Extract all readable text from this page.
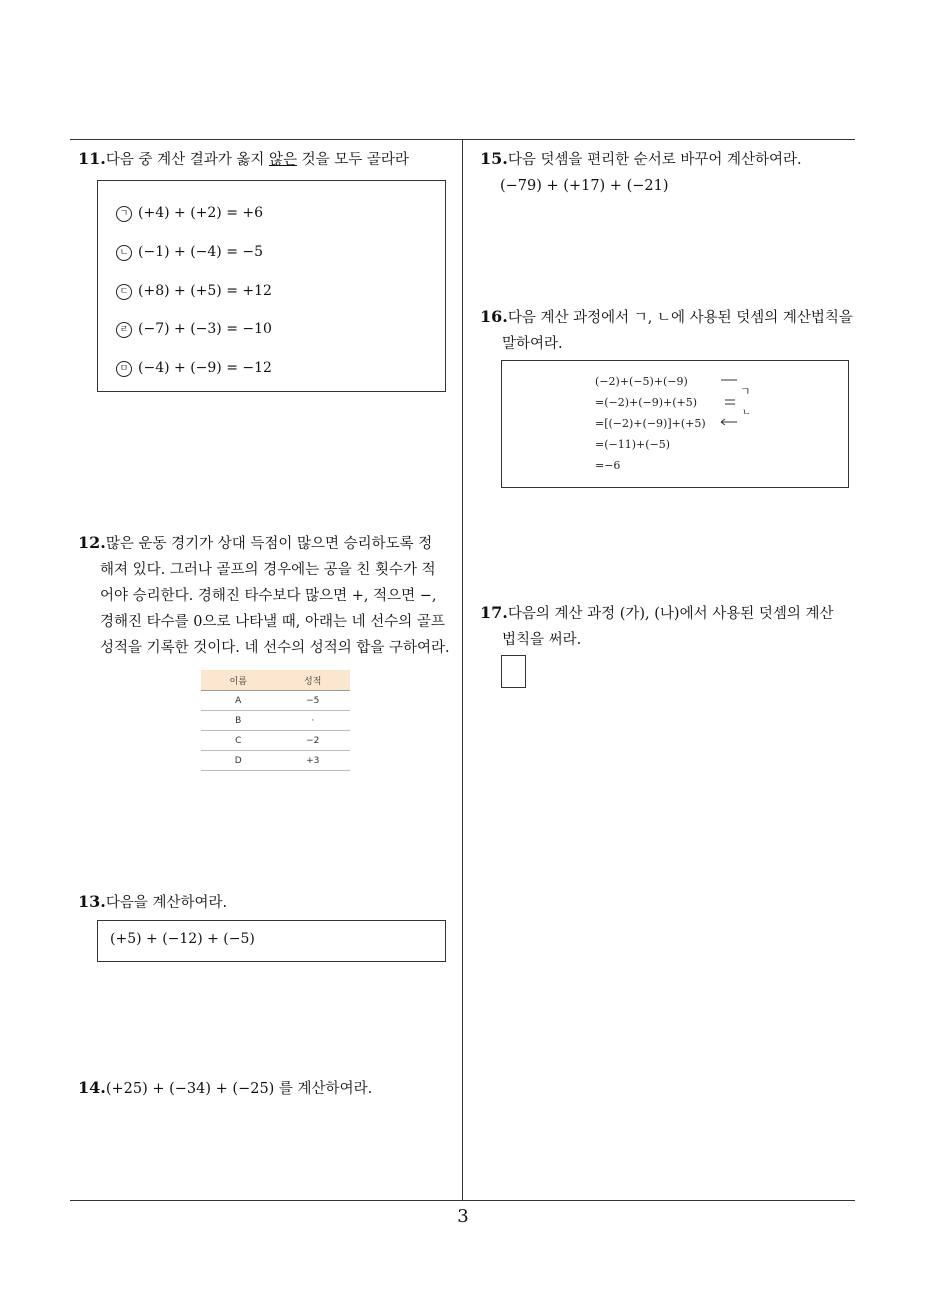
11.다음 중 계산 결과가 옳지 않은 것을 모두 골라라
ㄱ (+4) + (+2) = +6
ㄴ (−1) + (−4) = −5
ㄷ (+8) + (+5) = +12
ㄹ (−7) + (−3) = −10
ㅁ (−4) + (−9) = −12
12.많은 운동 경기가 상대 득점이 많으면 승리하도록 정
해져 있다. 그러나 골프의 경우에는 공을 친 횟수가 적
어야 승리한다. 경해진 타수보다 많으면 +, 적으면 −,
경해진 타수를 0으로 나타낼 때, 아래는 네 선수의 골프
성적을 기록한 것이다. 네 선수의 성적의 합을 구하여라.
이름	성적
A	−5
B	·
C	−2
D	+3
13.다음을 계산하여라.
(+5) + (−12) + (−5)
14.(+25) + (−34) + (−25) 를 계산하여라.
15.다음 덧셈을 편리한 순서로 바꾸어 계산하여라.
(−79) + (+17) + (−21)
16.다음 계산 과정에서 ㄱ, ㄴ에 사용된 덧셈의 계산법칙을
말하여라.
(−2)+(−5)+(−9)
=(−2)+(−9)+(+5)
=[(−2)+(−9)]+(+5)
=(−11)+(−5)
=−6
ㄱ
ㄴ
17.다음의 계산 과정 (가), (나)에서 사용된 덧셈의 계산
법칙을 써라.
3
